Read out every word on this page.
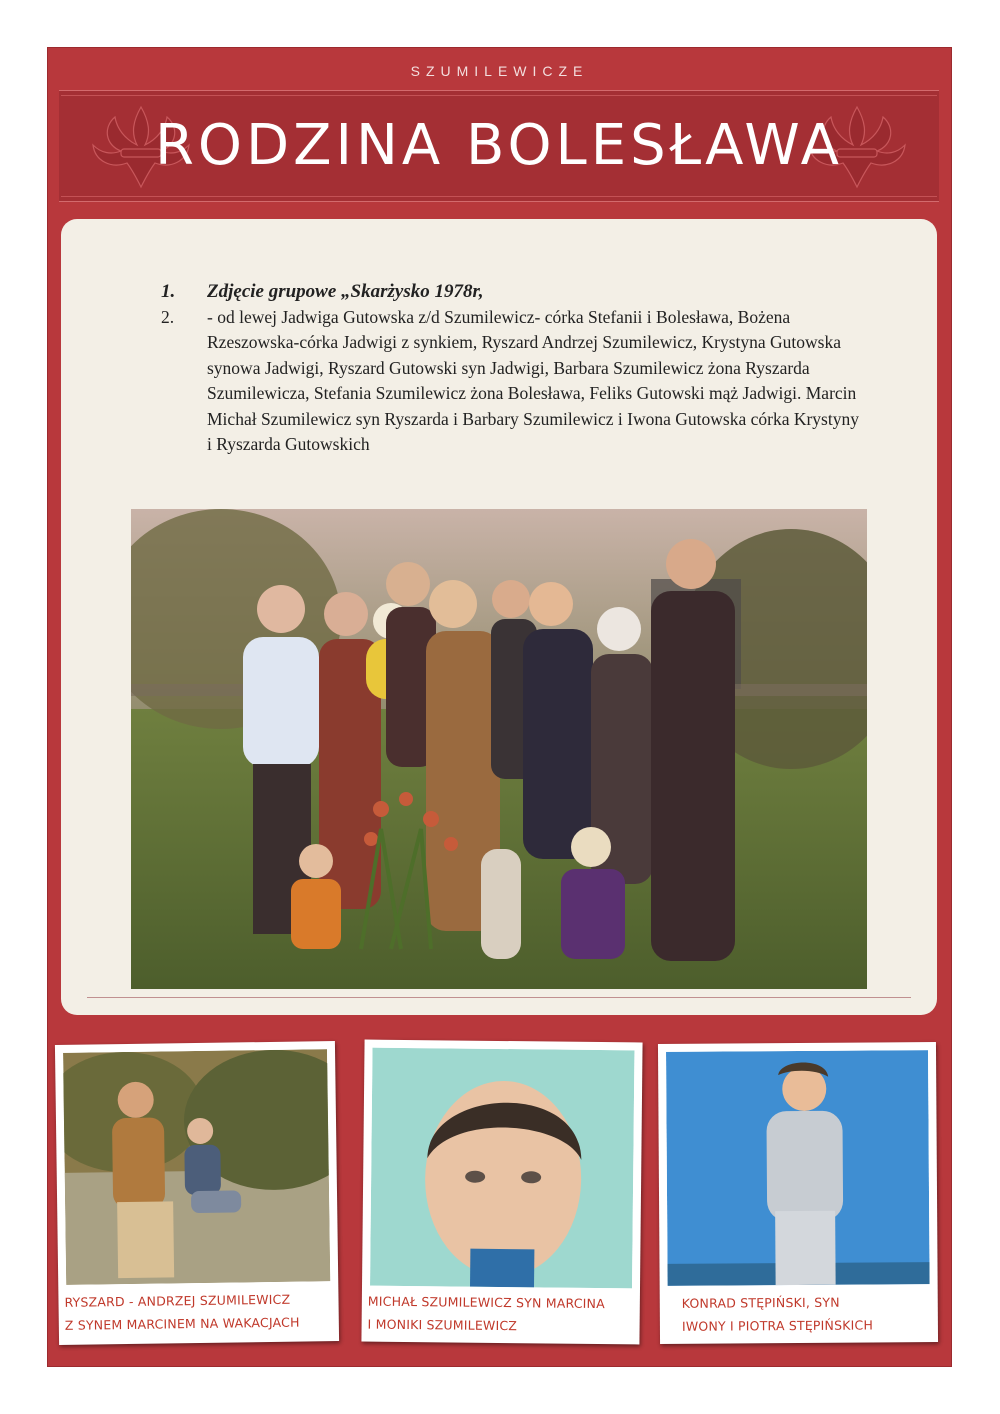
SZUMILEWICZE
RODZINA BOLESŁAWA
1.	Zdjęcie grupowe „Skarżysko 1978r,
2.	- od lewej Jadwiga Gutowska z/d Szumilewicz- córka Stefanii i Bolesława, Bożena Rzeszowska-córka Jadwigi z synkiem, Ryszard Andrzej Szumilewicz, Krystyna Gutowska synowa Jadwigi, Ryszard Gutowski syn Jadwigi, Barbara Szumilewicz żona Ryszarda Szumilewicza, Stefania Szumilewicz żona Bolesława, Feliks Gutowski mąż Jadwigi. Marcin Michał Szumilewicz syn Ryszarda i Barbary Szumilewicz i Iwona Gutowska córka Krystyny i Ryszarda Gutowskich
RYSZARD - ANDRZEJ SZUMILEWICZ
Z SYNEM MARCINEM NA WAKACJACH
MICHAŁ SZUMILEWICZ SYN MARCINA
I MONIKI SZUMILEWICZ
KONRAD STĘPIŃSKI, SYN
IWONY I PIOTRA STĘPIŃSKICH
